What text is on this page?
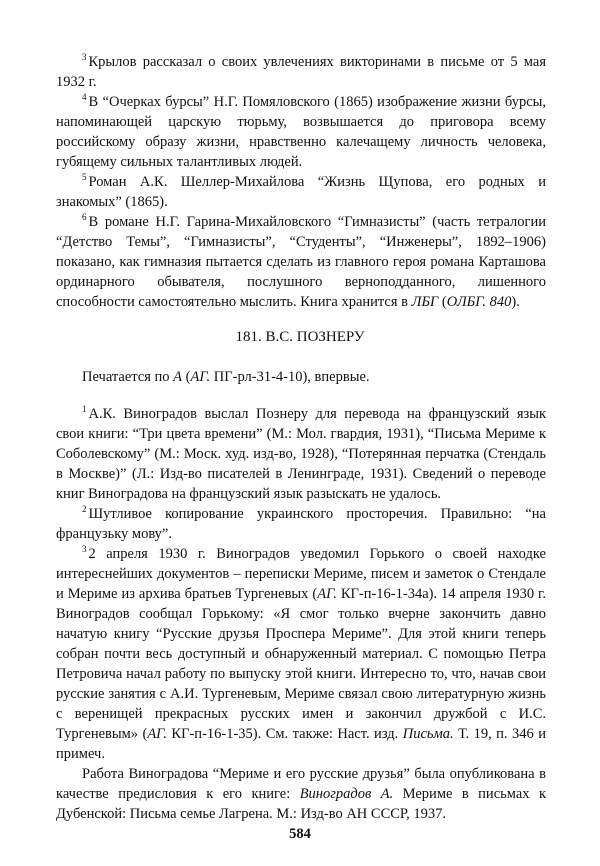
$^3$ Крылов рассказал о своих увлечениях викторинами в письме от 5 мая 1932 г.

$^4$ В “Очерках бурсы” Н.Г. Помяловского (1865) изображение жизни бурсы, напоминающей царскую тюрьму, возвышается до приговора всему российскому образу жизни, нравственно калечащему личность человека, губящему сильных талантливых людей.

$^5$ Роман А.К. Шеллер-Михайлова “Жизнь Щупова, его родных и знакомых” (1865).

$^6$ В романе Н.Г. Гарина-Михайловского “Гимназисты” (часть тетралогии “Детство Темы”, “Гимназисты”, “Студенты”, “Инженеры”, 1892–1906) показано, как гимназия пытается сделать из главного героя романа Карташова ординарного обывателя, послушного верноподданного, лишенного способности самостоятельно мыслить. Книга хранится в ЛБГ (ОЛБГ. 840).

181. В.С. ПОЗНЕРУ
Печатается по А (АГ. ПГ-рл-31-4-10), впервые.

$^1$ А.К. Виноградов выслал Познеру для перевода на французский язык свои книги: “Три цвета времени” (М.: Мол. гвардия, 1931), “Письма Мериме к Соболевскому” (М.: Моск. худ. изд-во, 1928), “Потерянная перчатка (Стендаль в Москве)” (Л.: Изд-во писателей в Ленинграде, 1931). Сведений о переводе книг Виноградова на французский язык разыскать не удалось.

$^2$ Шутливое копирование украинского просторечия. Правильно: “на французьку мову”.

$^3$ 2 апреля 1930 г. Виноградов уведомил Горького о своей находке интереснейших документов – переписки Мериме, писем и заметок о Стендале и Мериме из архива братьев Тургеневых (АГ. КГ-п-16-1-34а). 14 апреля 1930 г. Виноградов сообщал Горькому: «Я смог только вчерне закончить давно начатую книгу “Русские друзья Проспера Мериме”. Для этой книги теперь собран почти весь доступный и обнаруженный материал. С помощью Петра Петровича начал работу по выпуску этой книги. Интересно то, что, начав свои русские занятия с А.И. Тургеневым, Мериме связал свою литературную жизнь с веренищей прекрасных русских имен и закончил дружбой с И.С. Тургеневым» (АГ. КГ-п-16-1-35). См. также: Наст. изд. Письма. Т. 19, п. 346 и примеч.

Работа Виноградова “Мериме и его русские друзья” была опубликована в качестве предисловия к его книге: Виноградов А. Мериме в письмах к Дубенской: Письма семье Лагрена. М.: Изд-во АН СССР, 1937.

584
